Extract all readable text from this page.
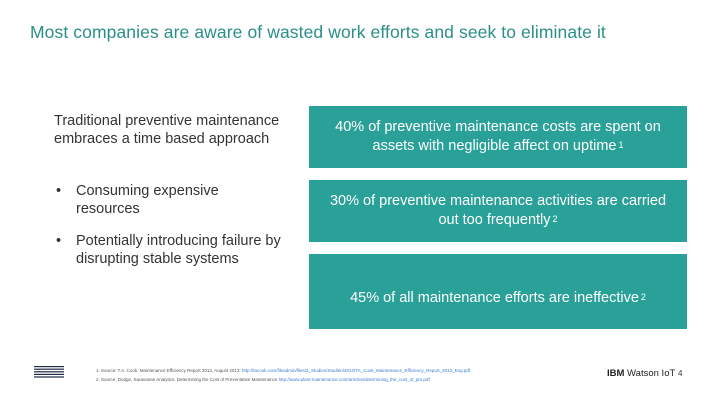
Most companies are aware of wasted work efforts and seek to eliminate it
Traditional preventive maintenance embraces a time based approach
• Consuming expensive resources
• Potentially introducing failure by disrupting stable systems
40% of preventive maintenance costs are spent on assets with negligible affect on uptime $^1$
30% of preventive maintenance activities are carried out too frequently $^2$
45% of all maintenance efforts are ineffective $^2$
1. Source: T.A. Cook. Maintenance Efficiency Report 2013, August 2013: http://tacook.com/fileadmin/files/3_Studien/Studien/2013/TA_Cook_Maintenance_Efficiency_Report_2013_Eng.pdf
2. Source: Dodge, Saravanan Analytics, Determining the Cost of Preventative Maintenance http://www.plant-maintenance.com/articles/determining_the_cost_of_pm.pdf
IBM Watson IoT 4
